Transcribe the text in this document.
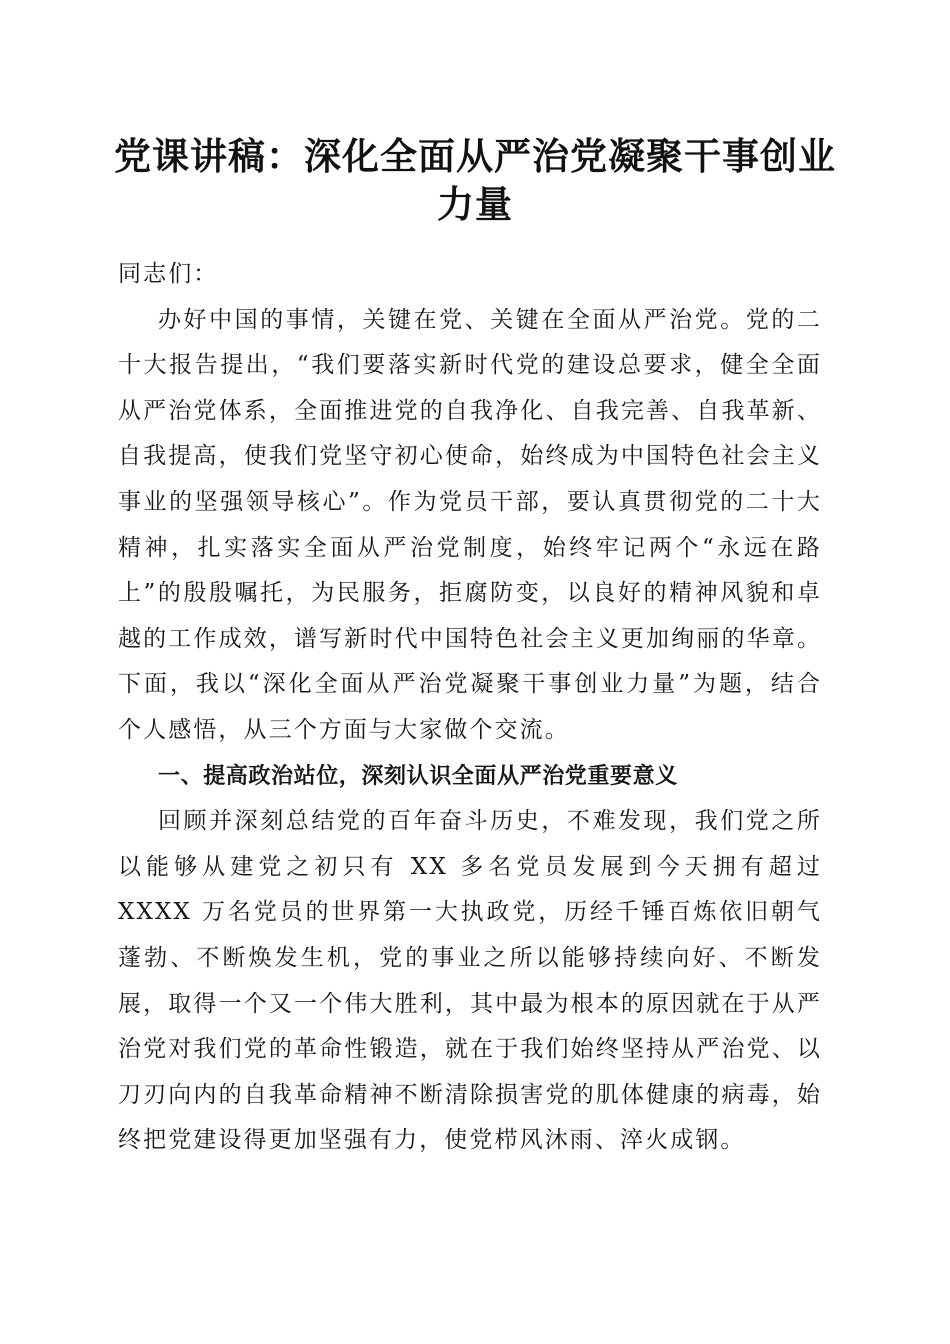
党课讲稿：深化全面从严治党凝聚干事创业力量

同志们：

办好中国的事情，关键在党、关键在全面从严治党。党的二十大报告提出，“我们要落实新时代党的建设总要求，健全全面从严治党体系，全面推进党的自我净化、自我完善、自我革新、自我提高，使我们党坚守初心使命，始终成为中国特色社会主义事业的坚强领导核心”。作为党员干部，要认真贯彻党的二十大精神，扎实落实全面从严治党制度，始终牢记两个“永远在路上”的殷殷嘱托，为民服务，拒腐防变，以良好的精神风貌和卓越的工作成效，谱写新时代中国特色社会主义更加绚丽的华章。下面，我以“深化全面从严治党凝聚干事创业力量”为题，结合个人感悟，从三个方面与大家做个交流。

一、提高政治站位，深刻认识全面从严治党重要意义

回顾并深刻总结党的百年奋斗历史，不难发现，我们党之所以能够从建党之初只有 XX 多名党员发展到今天拥有超过 XXXX 万名党员的世界第一大执政党，历经千锤百炼依旧朝气蓬勃、不断焕发生机，党的事业之所以能够持续向好、不断发展，取得一个又一个伟大胜利，其中最为根本的原因就在于从严治党对我们党的革命性锻造，就在于我们始终坚持从严治党、以刀刃向内的自我革命精神不断清除损害党的肌体健康的病毒，始终把党建设得更加坚强有力，使党栉风沐雨、淬火成钢。
